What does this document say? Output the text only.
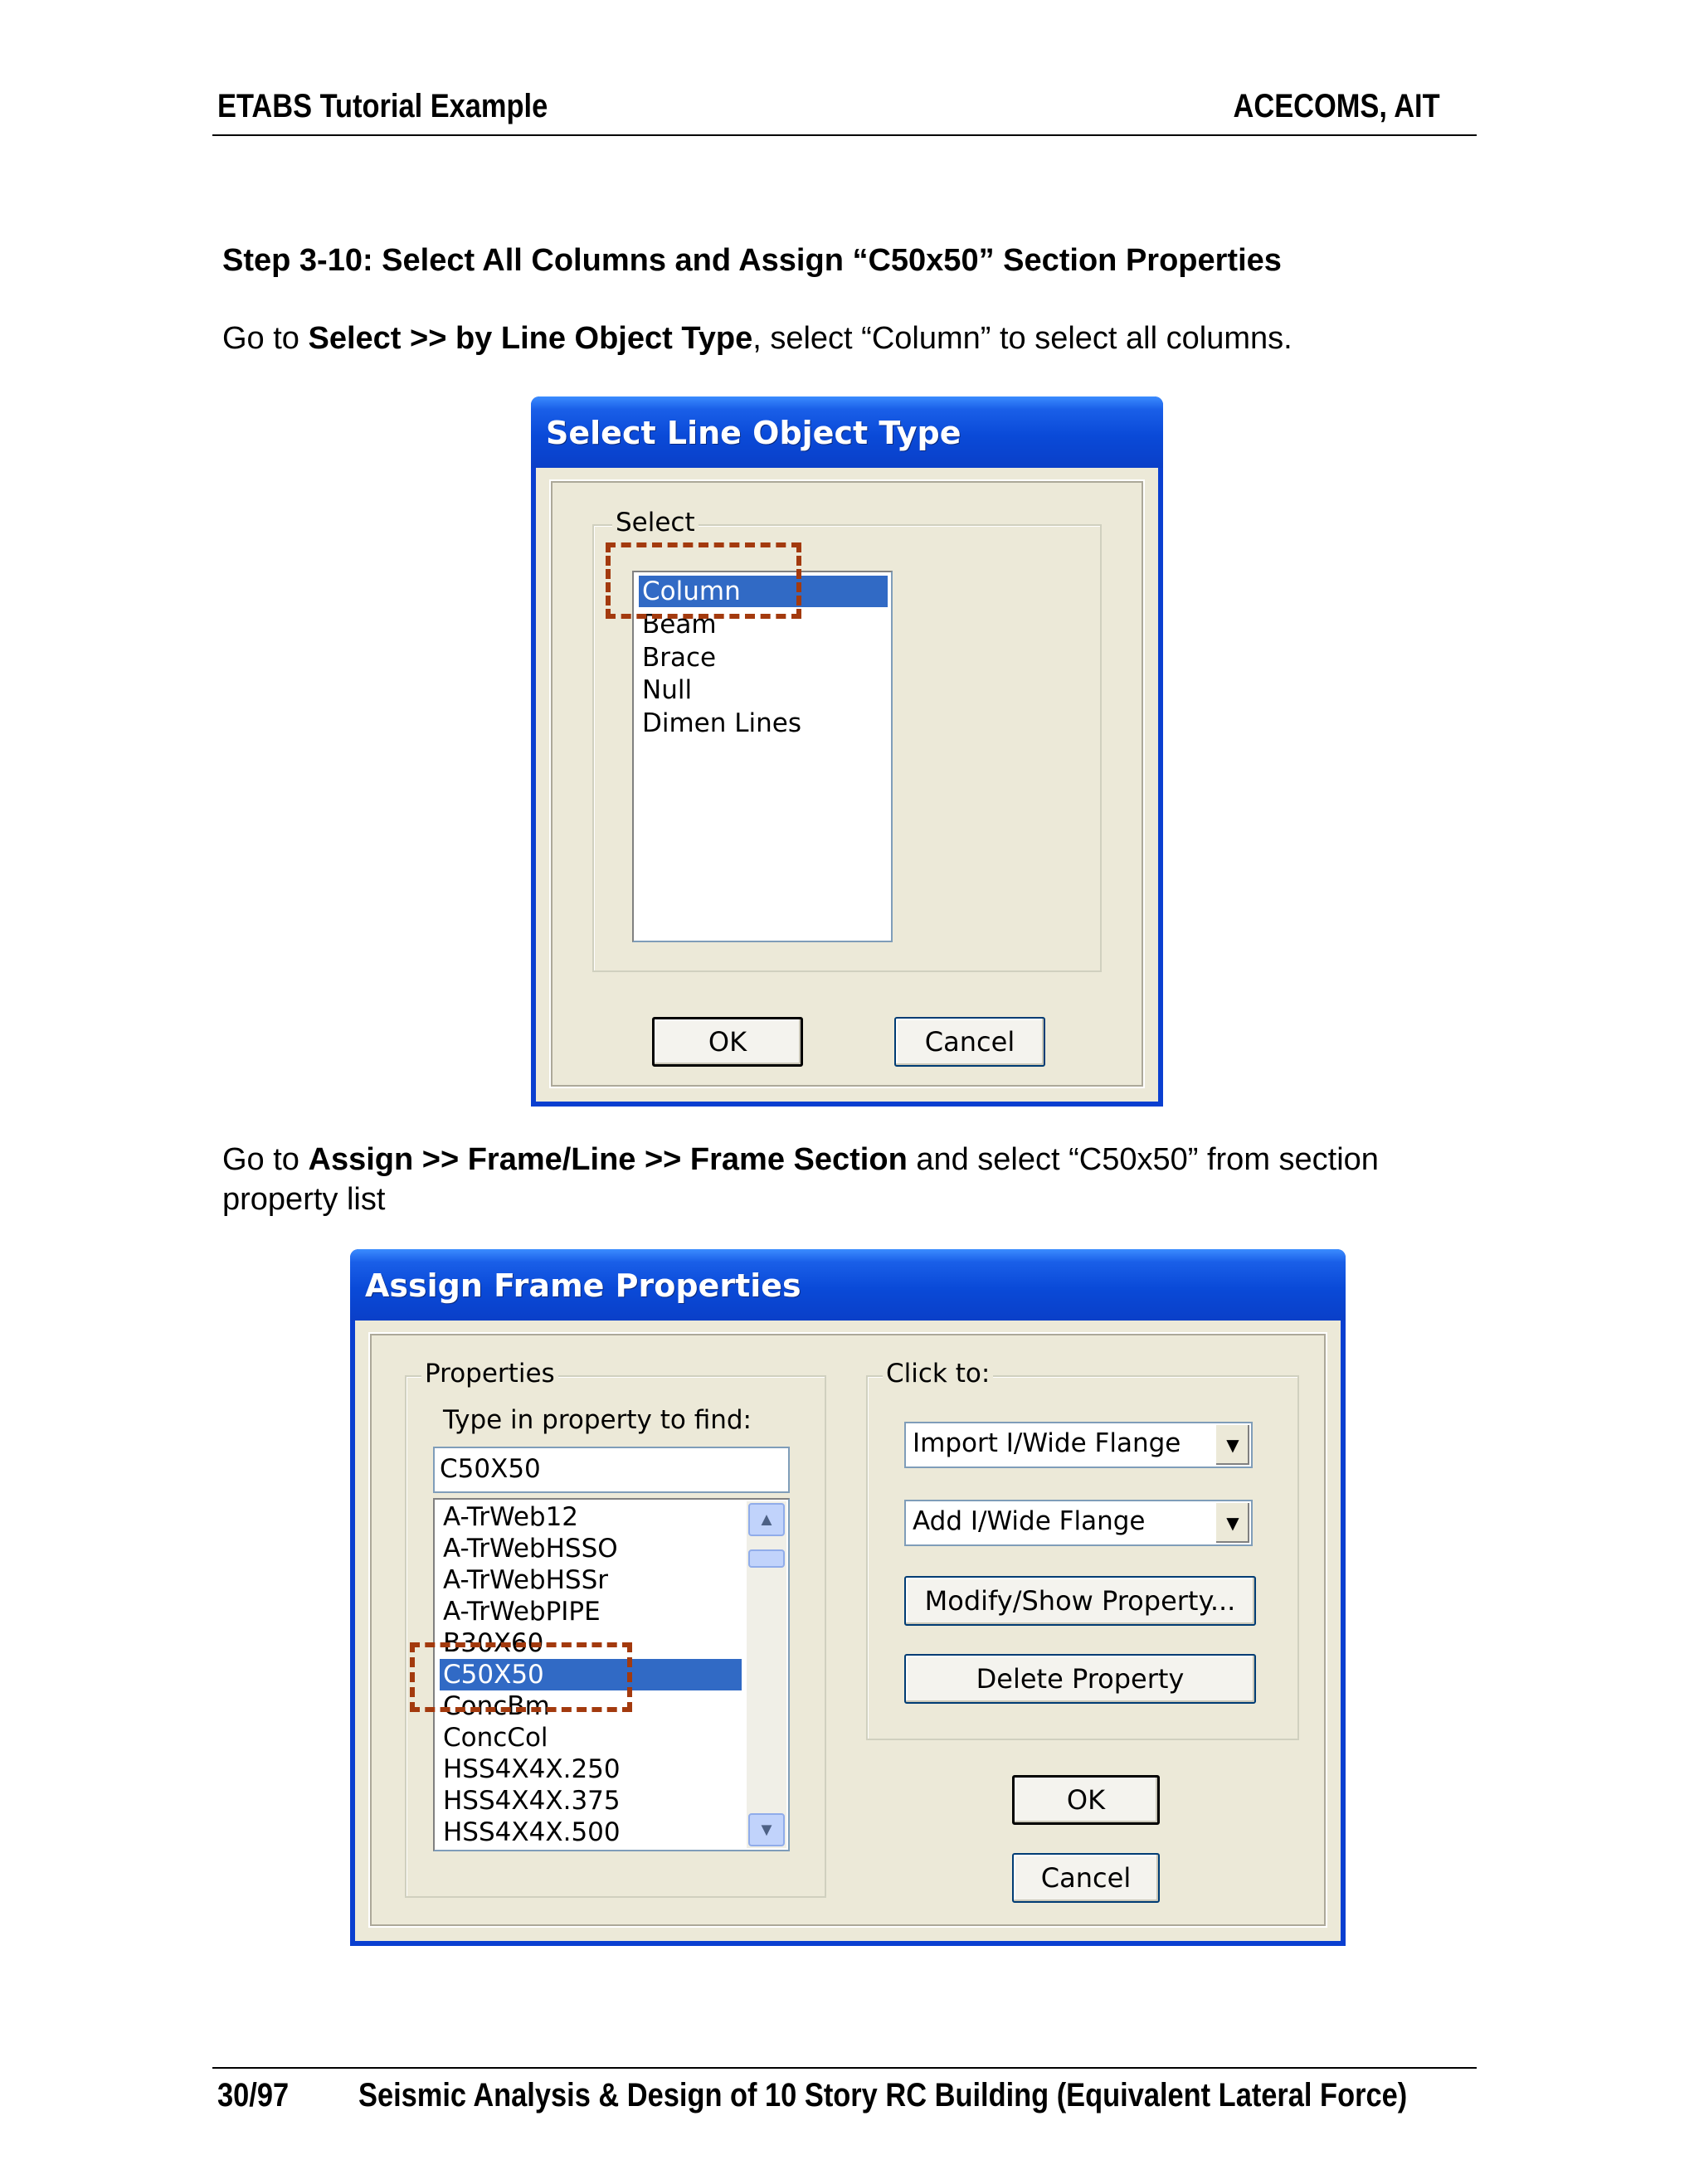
ETABS Tutorial Example	ACECOMS, AIT
Step 3-10: Select All Columns and Assign “C50x50” Section Properties
Go to Select >> by Line Object Type, select “Column” to select all columns.
Select Line Object Type
Select
Column
Beam
Brace
Null
Dimen Lines
OK	Cancel
Go to Assign >> Frame/Line >> Frame Section and select “C50x50” from section
property list
Assign Frame Properties
Properties
Type in property to find:
C50X50
A-TrWeb12
A-TrWebHSSO
A-TrWebHSSr
A-TrWebPIPE
B30X60
C50X50
ConcBm
ConcCol
HSS4X4X.250
HSS4X4X.375
HSS4X4X.500
▲
▼
Click to:
Import I/Wide Flange	▼
Add I/Wide Flange	▼
Modify/Show Property...
Delete Property
OK
Cancel
30/97 Seismic Analysis & Design of 10 Story RC Building (Equivalent Lateral Force)
